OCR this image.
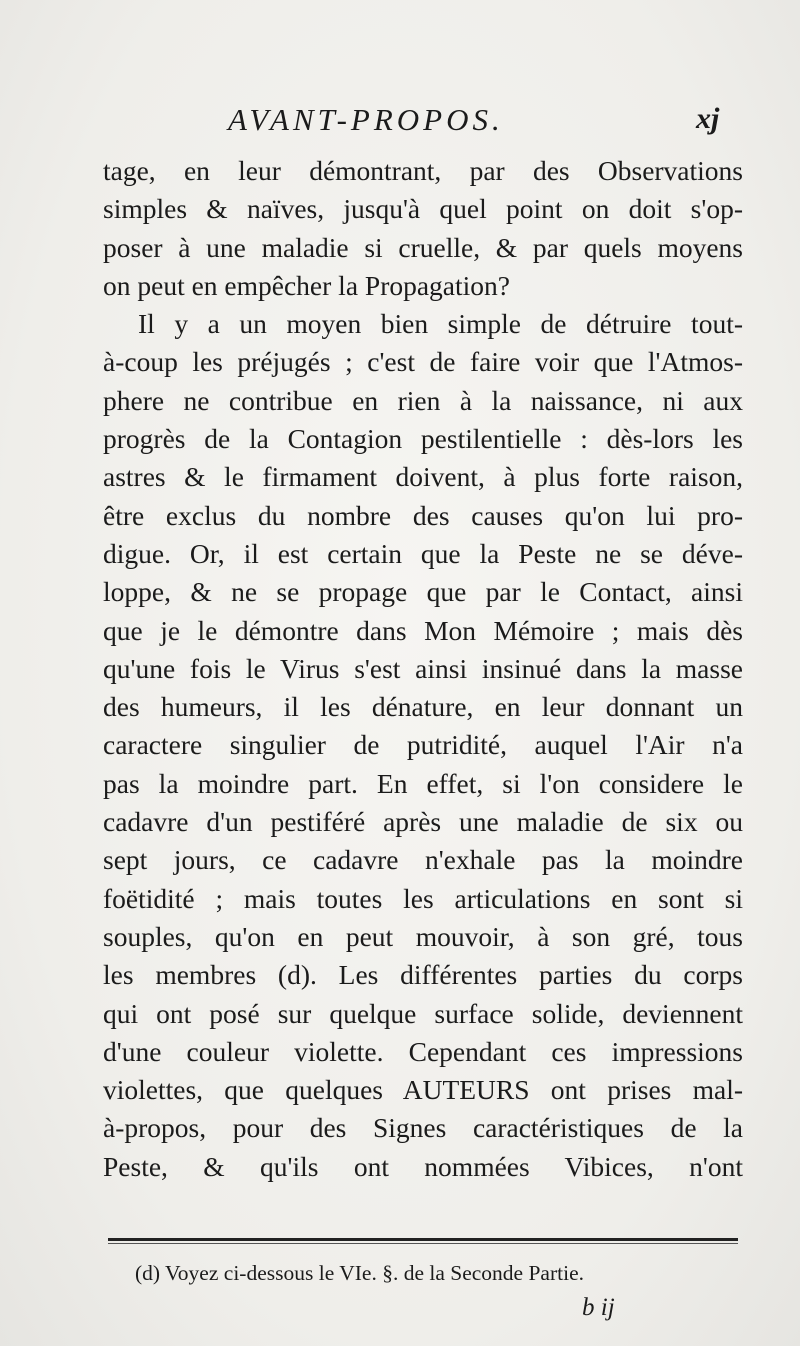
AVANT-PROPOS.	xj
tage, en leur démontrant, par des Observations
simples & naïves, jusqu'à quel point on doit s'op-
poser à une maladie si cruelle, & par quels moyens
on peut en empêcher la Propagation?
Il y a un moyen bien simple de détruire tout-
à-coup les préjugés ; c'est de faire voir que l'Atmos-
phere ne contribue en rien à la naissance, ni aux
progrès de la Contagion pestilentielle : dès-lors les
astres & le firmament doivent, à plus forte raison,
être exclus du nombre des causes qu'on lui pro-
digue. Or, il est certain que la Peste ne se déve-
loppe, & ne se propage que par le Contact, ainsi
que je le démontre dans Mon Mémoire ; mais dès
qu'une fois le Virus s'est ainsi insinué dans la masse
des humeurs, il les dénature, en leur donnant un
caractere singulier de putridité, auquel l'Air n'a
pas la moindre part. En effet, si l'on considere le
cadavre d'un pestiféré après une maladie de six ou
sept jours, ce cadavre n'exhale pas la moindre
foëtidité ; mais toutes les articulations en sont si
souples, qu'on en peut mouvoir, à son gré, tous
les membres (d). Les différentes parties du corps
qui ont posé sur quelque surface solide, deviennent
d'une couleur violette. Cependant ces impressions
violettes, que quelques AUTEURS ont prises mal-
à-propos, pour des Signes caractéristiques de la
Peste, & qu'ils ont nommées Vibices, n'ont
(d) Voyez ci-dessous le VIe. §. de la Seconde Partie.
b ij
